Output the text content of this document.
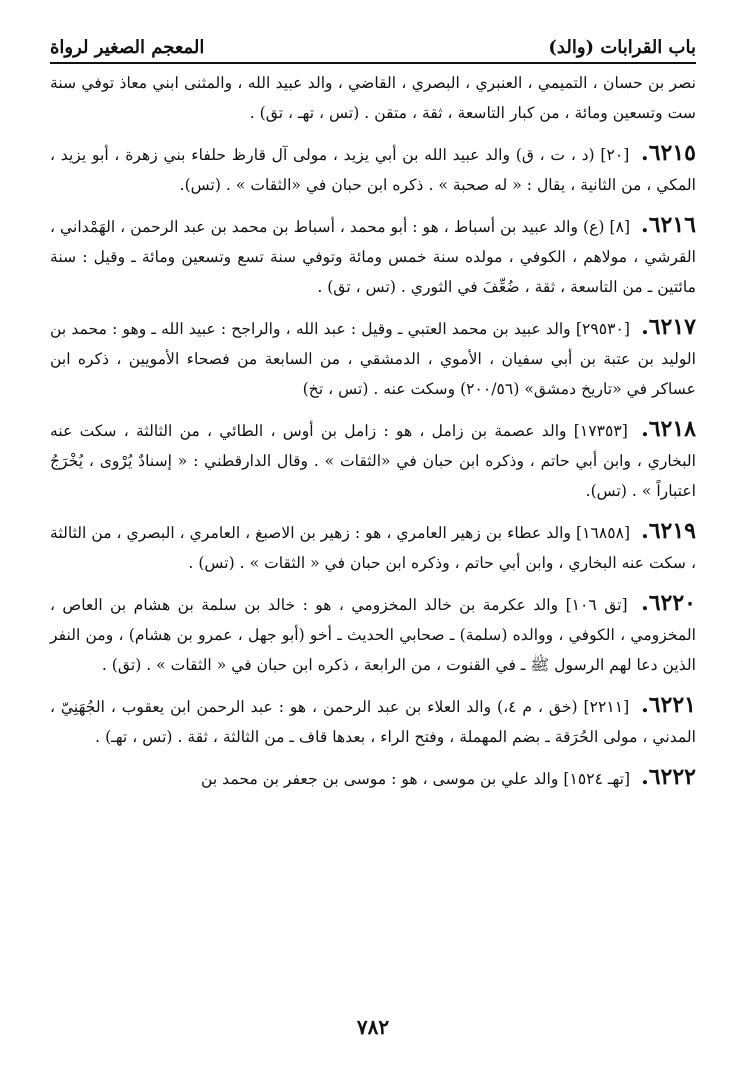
باب القرابات (والد)
المعجم الصغير لرواة

نصر بن حسان ، التميمي ، العنبري ، البصري ، القاضي ، والد عبيد الله ، والمثنى ابني معاذ توفي سنة ست وتسعين ومائة ، من كبار التاسعة ، ثقة ، متقن . (تس ، تهـ ، تق) .

٦٢١٥. [٢٠] (د ، ت ، ق) والد عبيد الله بن أبي يزيد ، مولى آل قارظ حلفاء بني زهرة ، أبو يزيد ، المكي ، من الثانية ، يقال : « له صحبة » . ذكره ابن حبان في «الثقات » . (تس).

٦٢١٦. [٨] (ع) والد عبيد بن أسباط ، هو : أبو محمد ، أسباط بن محمد بن عبد الرحمن ، الهَمْداني ، القرشي ، مولاهم ، الكوفي ، مولده سنة خمس ومائة وتوفي سنة تسع وتسعين ومائة ـ وقيل : سنة مائتين ـ من التاسعة ، ثقة ، ضُعِّفَ في الثوري . (تس ، تق) .

٦٢١٧. [٢٩٥٣٠] والد عبيد بن محمد العتبي ـ وقيل : عبد الله ، والراجح : عبيد الله ـ وهو : محمد بن الوليد بن عتبة بن أبي سفيان ، الأموي ، الدمشقي ، من السابعة من فصحاء الأمويين ، ذكره ابن عساكر في «تاريخ دمشق» (٢٠٠/٥٦) وسكت عنه . (تس ، تخ)

٦٢١٨. [١٧٣٥٣] والد عصمة بن زامل ، هو : زامل بن أوس ، الطائي ، من الثالثة ، سكت عنه البخاري ، وابن أبي حاتم ، وذكره ابن حبان في «الثقات » . وقال الدارقطني : « إسنادٌ يُرْوى ، يُخْرَجُ اعتباراً » . (تس).

٦٢١٩. [١٦٨٥٨] والد عطاء بن زهير العامري ، هو : زهير بن الاصبغ ، العامري ، البصري ، من الثالثة ، سكت عنه البخاري ، وابن أبي حاتم ، وذكره ابن حبان في « الثقات » . (تس) .

٦٢٢٠. [تق ١٠٦] والد عكرمة بن خالد المخزومي ، هو : خالد بن سلمة بن هشام بن العاص ، المخزومي ، الكوفي ، ووالده (سلمة) ـ صحابي الحديث ـ أخو (أبو جهل ، عمرو بن هشام) ، ومن النفر الذين دعا لهم الرسول ﷺ ـ في القنوت ، من الرابعة ، ذكره ابن حبان في « الثقات » . (تق) .

٦٢٢١. [٢٢١١] (خق ، م ٤،) والد العلاء بن عبد الرحمن ، هو : عبد الرحمن ابن يعقوب ، الجُهَنِيّ ، المدني ، مولى الحُرَقة ـ بضم المهملة ، وفتح الراء ، بعدها قاف ـ من الثالثة ، ثقة . (تس ، تهـ) .

٦٢٢٢. [تهـ ١٥٢٤] والد علي بن موسى ، هو : موسى بن جعفر بن محمد بن

٧٨٢
